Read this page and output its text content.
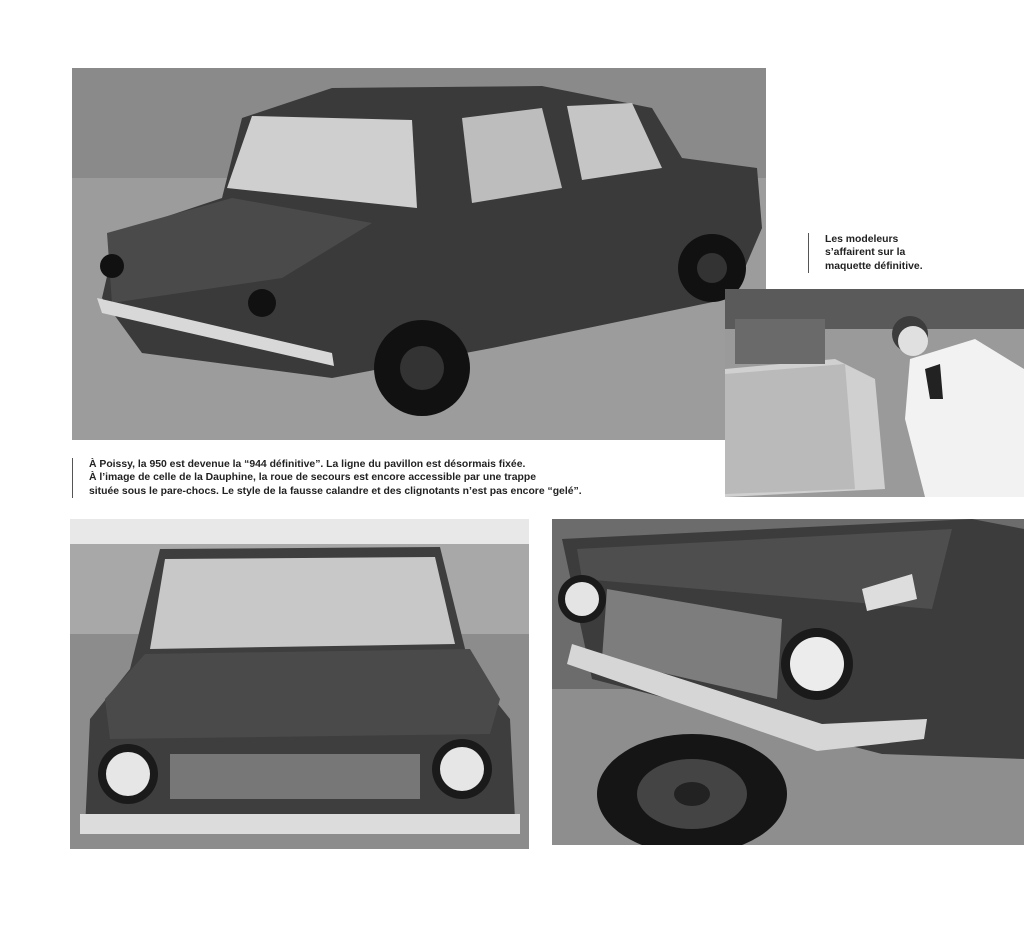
Les modeleurs
s’affairent sur la
maquette définitive.
À Poissy, la 950 est devenue la “944 définitive”. La ligne du pavillon est désormais fixée.
À l’image de celle de la Dauphine, la roue de secours est encore accessible par une trappe
située sous le pare-chocs. Le style de la fausse calandre et des clignotants n’est pas encore “gelé”.
